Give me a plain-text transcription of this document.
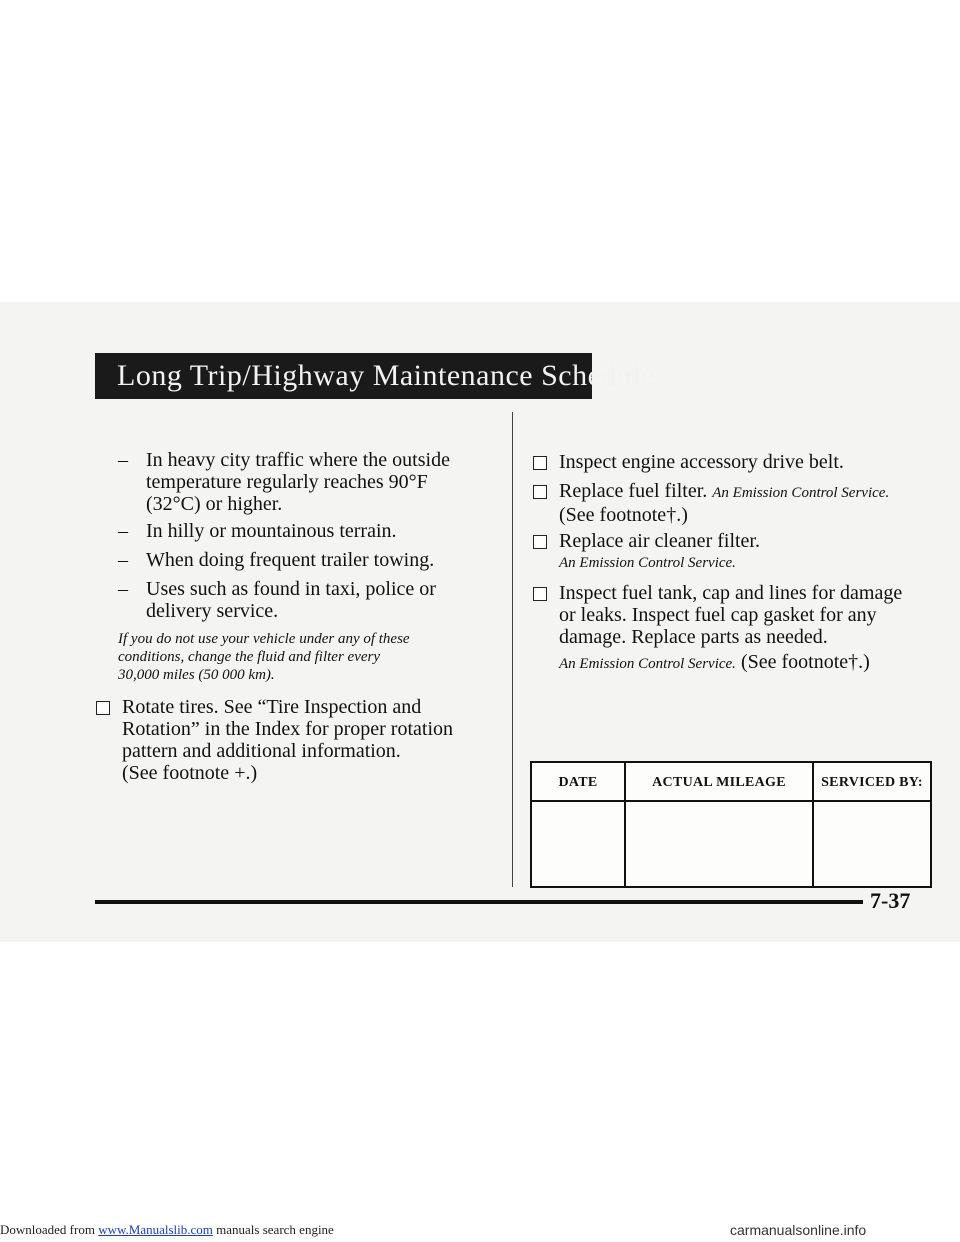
Long Trip/Highway Maintenance Schedule
– In heavy city traffic where the outside
temperature regularly reaches 90°F
(32°C) or higher.
– In hilly or mountainous terrain.
– When doing frequent trailer towing.
– Uses such as found in taxi, police or
delivery service.
If you do not use your vehicle under any of these
conditions, change the fluid and filter every
30,000 miles (50 000 km).
Rotate tires. See “Tire Inspection and
Rotation” in the Index for proper rotation
pattern and additional information.
(See footnote +.)
Inspect engine accessory drive belt.
Replace fuel filter. An Emission Control Service.
(See footnote†.)
Replace air cleaner filter.
An Emission Control Service.
Inspect fuel tank, cap and lines for damage
or leaks. Inspect fuel cap gasket for any
damage. Replace parts as needed.
An Emission Control Service. (See footnote†.)
DATE	ACTUAL MILEAGE	SERVICED BY:
7-37
Downloaded from www.Manualslib.com manuals search engine	carmanualsonline.info
